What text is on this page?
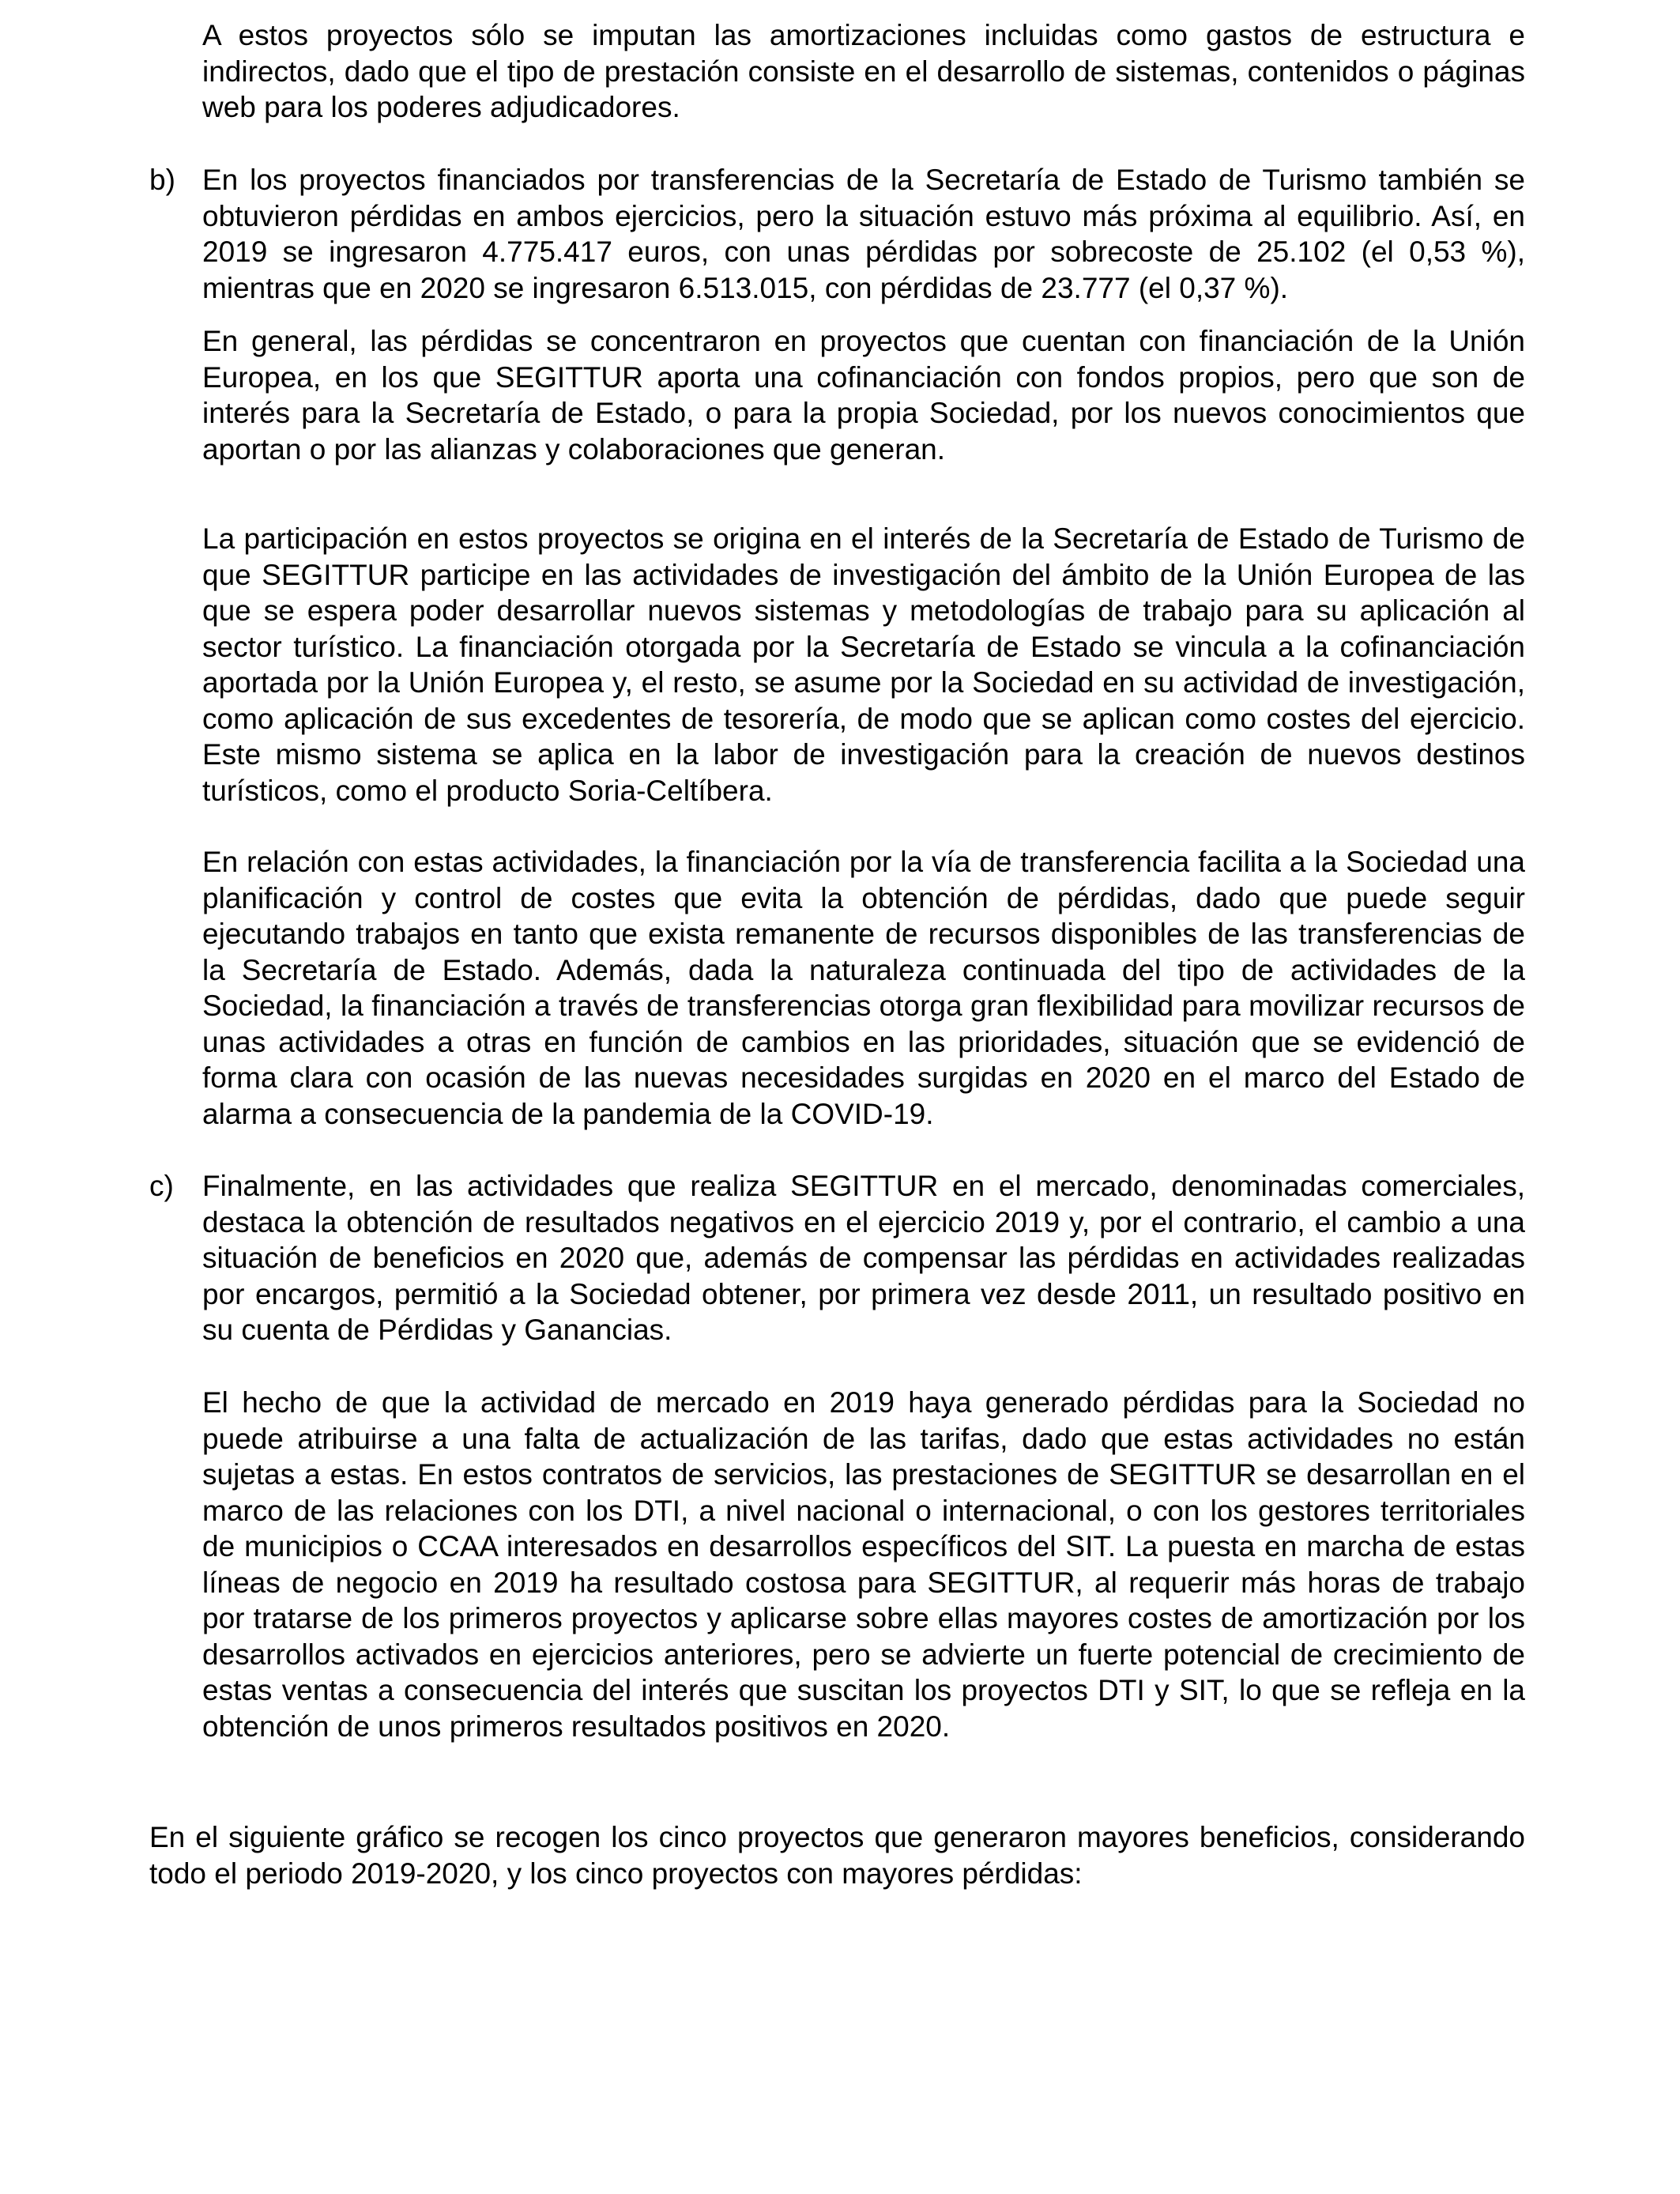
A estos proyectos sólo se imputan las amortizaciones incluidas como gastos de estructura e indirectos, dado que el tipo de prestación consiste en el desarrollo de sistemas, contenidos o páginas web para los poderes adjudicadores.

b) En los proyectos financiados por transferencias de la Secretaría de Estado de Turismo también se obtuvieron pérdidas en ambos ejercicios, pero la situación estuvo más próxima al equilibrio. Así, en 2019 se ingresaron 4.775.417 euros, con unas pérdidas por sobrecoste de 25.102 (el 0,53 %), mientras que en 2020 se ingresaron 6.513.015, con pérdidas de 23.777 (el 0,37 %).

En general, las pérdidas se concentraron en proyectos que cuentan con financiación de la Unión Europea, en los que SEGITTUR aporta una cofinanciación con fondos propios, pero que son de interés para la Secretaría de Estado, o para la propia Sociedad, por los nuevos conocimientos que aportan o por las alianzas y colaboraciones que generan.

La participación en estos proyectos se origina en el interés de la Secretaría de Estado de Turismo de que SEGITTUR participe en las actividades de investigación del ámbito de la Unión Europea de las que se espera poder desarrollar nuevos sistemas y metodologías de trabajo para su aplicación al sector turístico. La financiación otorgada por la Secretaría de Estado se vincula a la cofinanciación aportada por la Unión Europea y, el resto, se asume por la Sociedad en su actividad de investigación, como aplicación de sus excedentes de tesorería, de modo que se aplican como costes del ejercicio. Este mismo sistema se aplica en la labor de investigación para la creación de nuevos destinos turísticos, como el producto Soria-Celtíbera.

En relación con estas actividades, la financiación por la vía de transferencia facilita a la Sociedad una planificación y control de costes que evita la obtención de pérdidas, dado que puede seguir ejecutando trabajos en tanto que exista remanente de recursos disponibles de las transferencias de la Secretaría de Estado. Además, dada la naturaleza continuada del tipo de actividades de la Sociedad, la financiación a través de transferencias otorga gran flexibilidad para movilizar recursos de unas actividades a otras en función de cambios en las prioridades, situación que se evidenció de forma clara con ocasión de las nuevas necesidades surgidas en 2020 en el marco del Estado de alarma a consecuencia de la pandemia de la COVID-19.

c) Finalmente, en las actividades que realiza SEGITTUR en el mercado, denominadas comerciales, destaca la obtención de resultados negativos en el ejercicio 2019 y, por el contrario, el cambio a una situación de beneficios en 2020 que, además de compensar las pérdidas en actividades realizadas por encargos, permitió a la Sociedad obtener, por primera vez desde 2011, un resultado positivo en su cuenta de Pérdidas y Ganancias.

El hecho de que la actividad de mercado en 2019 haya generado pérdidas para la Sociedad no puede atribuirse a una falta de actualización de las tarifas, dado que estas actividades no están sujetas a estas. En estos contratos de servicios, las prestaciones de SEGITTUR se desarrollan en el marco de las relaciones con los DTI, a nivel nacional o internacional, o con los gestores territoriales de municipios o CCAA interesados en desarrollos específicos del SIT. La puesta en marcha de estas líneas de negocio en 2019 ha resultado costosa para SEGITTUR, al requerir más horas de trabajo por tratarse de los primeros proyectos y aplicarse sobre ellas mayores costes de amortización por los desarrollos activados en ejercicios anteriores, pero se advierte un fuerte potencial de crecimiento de estas ventas a consecuencia del interés que suscitan los proyectos DTI y SIT, lo que se refleja en la obtención de unos primeros resultados positivos en 2020.

En el siguiente gráfico se recogen los cinco proyectos que generaron mayores beneficios, considerando todo el periodo 2019-2020, y los cinco proyectos con mayores pérdidas:
